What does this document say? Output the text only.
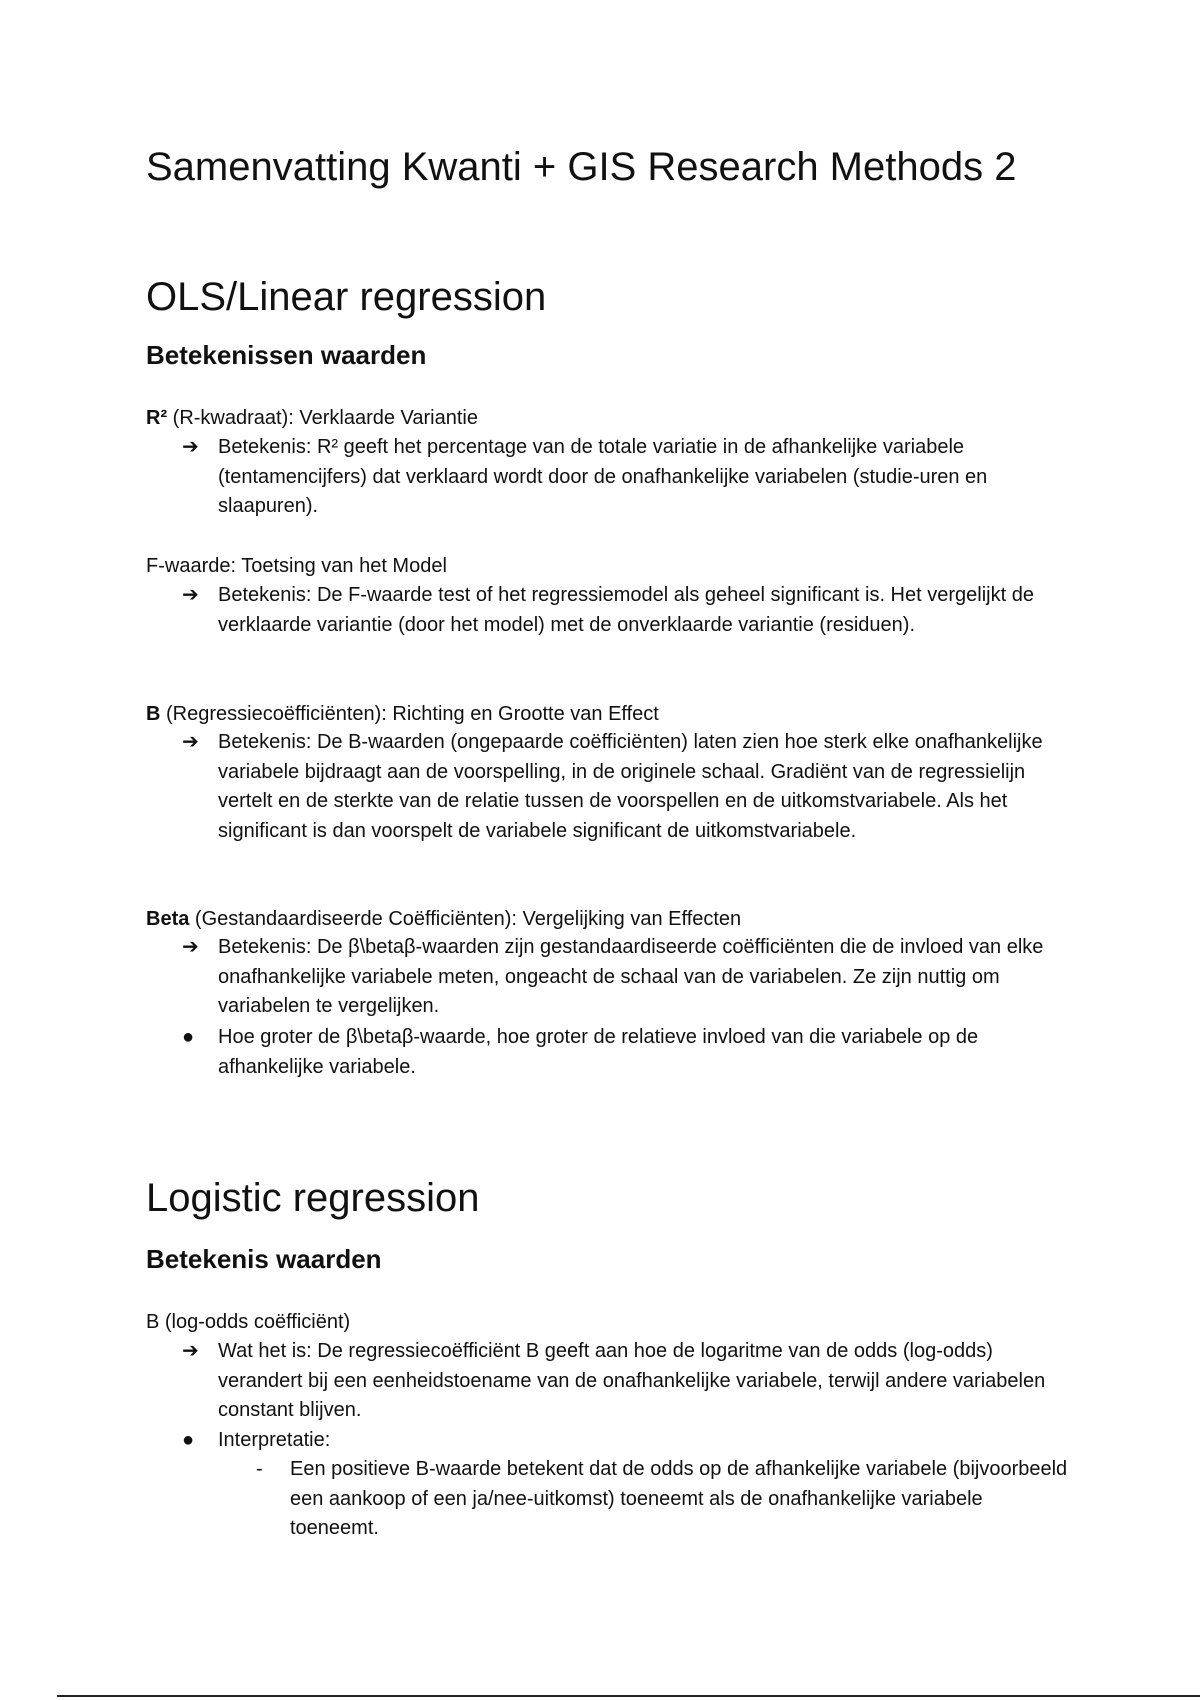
Samenvatting Kwanti + GIS Research Methods 2
OLS/Linear regression
Betekenissen waarden

R² (R-kwadraat): Verklaarde Variantie

➔ Betekenis: R² geeft het percentage van de totale variatie in de afhankelijke variabele (tentamencijfers) dat verklaard wordt door de onafhankelijke variabelen (studie-uren en slaapuren).

F-waarde: Toetsing van het Model

➔ Betekenis: De F-waarde test of het regressiemodel als geheel significant is. Het vergelijkt de verklaarde variantie (door het model) met de onverklaarde variantie (residuen).

B (Regressiecoëfficiënten): Richting en Grootte van Effect

➔ Betekenis: De B-waarden (ongepaarde coëfficiënten) laten zien hoe sterk elke onafhankelijke variabele bijdraagt aan de voorspelling, in de originele schaal. Gradiënt van de regressielijn vertelt en de sterkte van de relatie tussen de voorspellen en de uitkomstvariabele. Als het significant is dan voorspelt de variabele significant de uitkomstvariabele.

Beta (Gestandaardiseerde Coëfficiënten): Vergelijking van Effecten

➔ Betekenis: De β\betaβ-waarden zijn gestandaardiseerde coëfficiënten die de invloed van elke onafhankelijke variabele meten, ongeacht de schaal van de variabelen. Ze zijn nuttig om variabelen te vergelijken.

●	Hoe groter de β\betaβ-waarde, hoe groter de relatieve invloed van die variabele op de afhankelijke variabele.

Logistic regression
Betekenis waarden

B (log-odds coëfficiënt)

➔ Wat het is: De regressiecoëfficiënt B geeft aan hoe de logaritme van de odds (log-odds) verandert bij een eenheidstoename van de onafhankelijke variabele, terwijl andere variabelen constant blijven.

●	Interpretatie:

-	Een positieve B-waarde betekent dat de odds op de afhankelijke variabele (bijvoorbeeld een aankoop of een ja/nee-uitkomst) toeneemt als de onafhankelijke variabele toeneemt.
